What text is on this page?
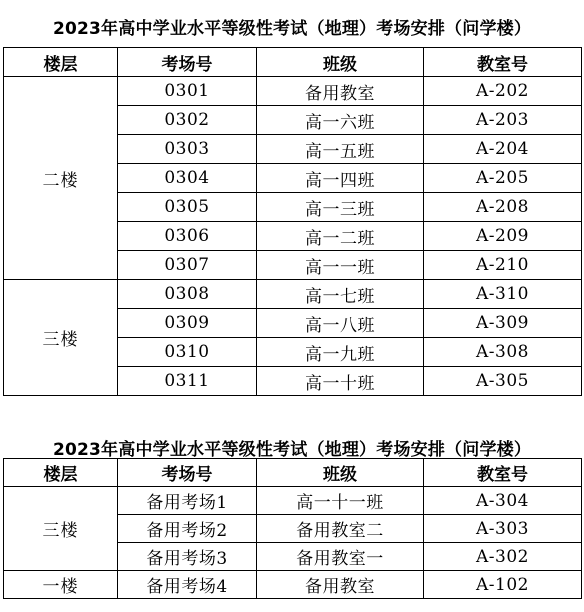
2023年高中学业水平等级性考试（地理）考场安排（问学楼）
楼层	考场号	班级	教室号
二楼	0301	备用教室	A-202
	0302	高一六班	A-203
	0303	高一五班	A-204
	0304	高一四班	A-205
	0305	高一三班	A-208
	0306	高一二班	A-209
	0307	高一一班	A-210
三楼	0308	高一七班	A-310
	0309	高一八班	A-309
	0310	高一九班	A-308
	0311	高一十班	A-305
2023年高中学业水平等级性考试（地理）考场安排（问学楼）
楼层	考场号	班级	教室号
三楼	备用考场1	高一十一班	A-304
	备用考场2	备用教室二	A-303
	备用考场3	备用教室一	A-302
一楼	备用考场4	备用教室	A-102
